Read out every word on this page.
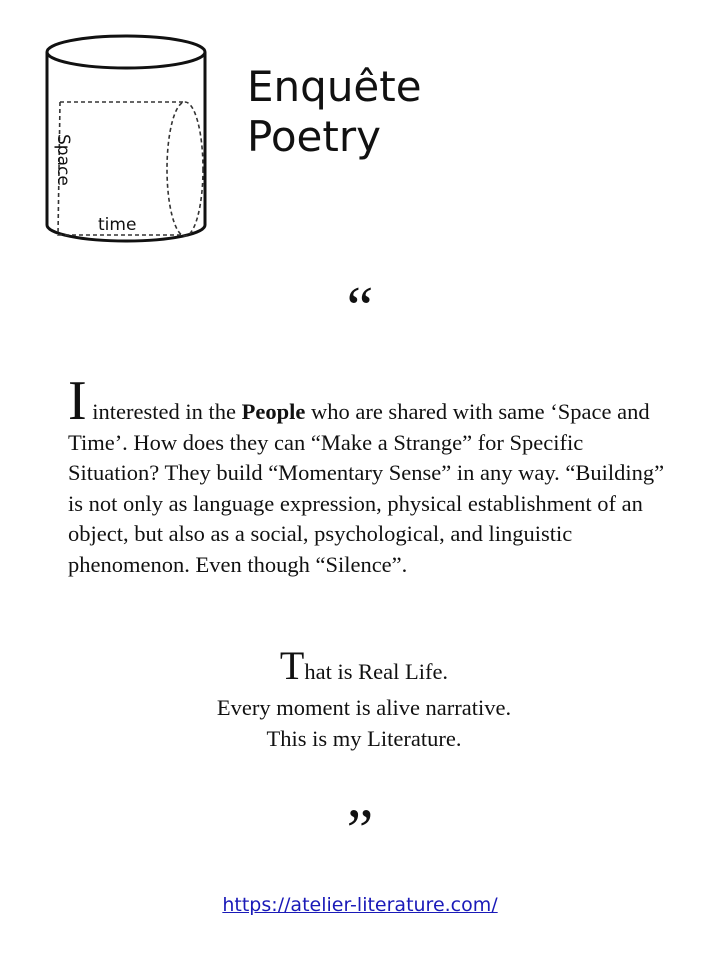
Space
time
Enquête
Poetry
“
I interested in the People who are shared with same ‘Space and Time’. How does they can “Make a Strange” for Specific Situation? They build “Momentary Sense” in any way. “Building” is not only as language expression, physical establishment of an object, but also as a social, psychological, and linguistic phenomenon. Even though “Silence”.
That is Real Life.
Every moment is alive narrative.
This is my Literature.
”
https://atelier-literature.com/
